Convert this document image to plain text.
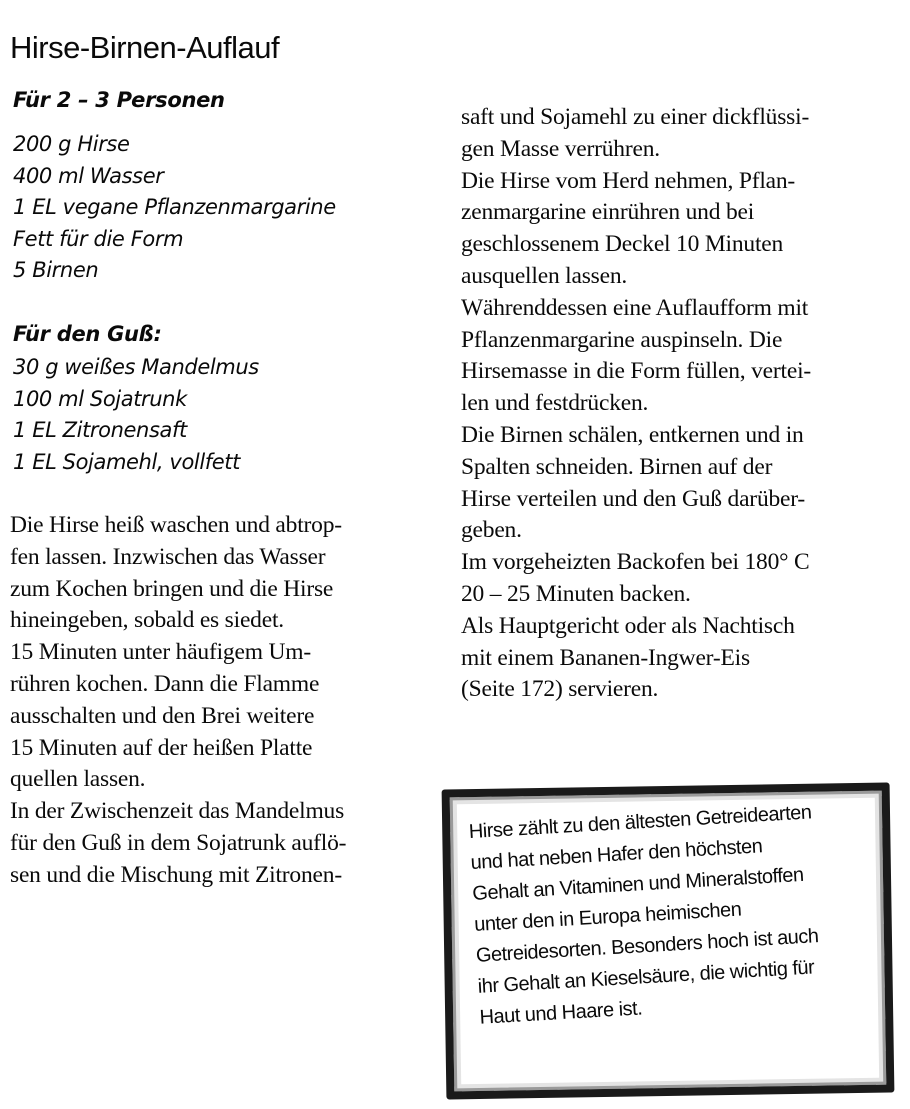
Hirse-Birnen-Auflauf
Für 2 – 3 Personen
200 g Hirse
400 ml Wasser
1 EL vegane Pflanzenmargarine
Fett für die Form
5 Birnen
Für den Guß:
30 g weißes Mandelmus
100 ml Sojatrunk
1 EL Zitronensaft
1 EL Sojamehl, vollfett
Die Hirse heiß waschen und abtrop-
fen lassen. Inzwischen das Wasser
zum Kochen bringen und die Hirse
hineingeben, sobald es siedet.
15 Minuten unter häufigem Um-
rühren kochen. Dann die Flamme
ausschalten und den Brei weitere
15 Minuten auf der heißen Platte
quellen lassen.
In der Zwischenzeit das Mandelmus
für den Guß in dem Sojatrunk auflö-
sen und die Mischung mit Zitronen-
saft und Sojamehl zu einer dickflüssi-
gen Masse verrühren.
Die Hirse vom Herd nehmen, Pflan-
zenmargarine einrühren und bei
geschlossenem Deckel 10 Minuten
ausquellen lassen.
Währenddessen eine Auflaufform mit
Pflanzenmargarine auspinseln. Die
Hirsemasse in die Form füllen, vertei-
len und festdrücken.
Die Birnen schälen, entkernen und in
Spalten schneiden. Birnen auf der
Hirse verteilen und den Guß darüber-
geben.
Im vorgeheizten Backofen bei 180° C
20 – 25 Minuten backen.
Als Hauptgericht oder als Nachtisch
mit einem Bananen-Ingwer-Eis
(Seite 172) servieren.
Hirse zählt zu den ältesten Getreidearten
und hat neben Hafer den höchsten
Gehalt an Vitaminen und Mineralstoffen
unter den in Europa heimischen
Getreidesorten. Besonders hoch ist auch
ihr Gehalt an Kieselsäure, die wichtig für
Haut und Haare ist.
